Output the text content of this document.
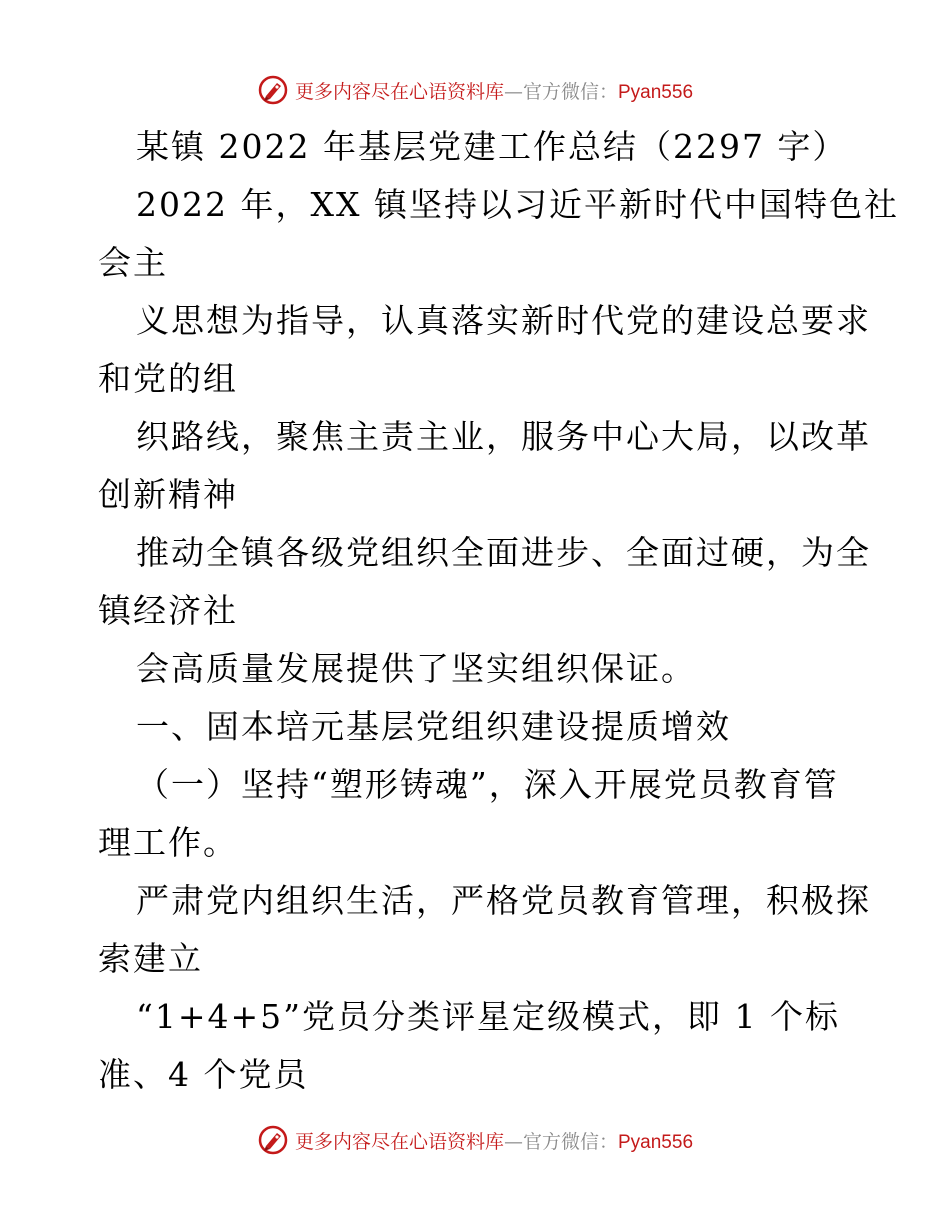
更多内容尽在心语资料库—官方微信：Pyan556
某镇 2022 年基层党建工作总结（2297 字）
2022 年，XX 镇坚持以习近平新时代中国特色社
会主
义思想为指导，认真落实新时代党的建设总要求
和党的组
织路线，聚焦主责主业，服务中心大局，以改革
创新精神
推动全镇各级党组织全面进步、全面过硬，为全
镇经济社
会高质量发展提供了坚实组织保证。
一、固本培元基层党组织建设提质增效
（一）坚持“塑形铸魂”，深入开展党员教育管
理工作。
严肃党内组织生活，严格党员教育管理，积极探
索建立
“1+4+5”党员分类评星定级模式，即 1 个标
准、4 个党员
更多内容尽在心语资料库—官方微信：Pyan556
